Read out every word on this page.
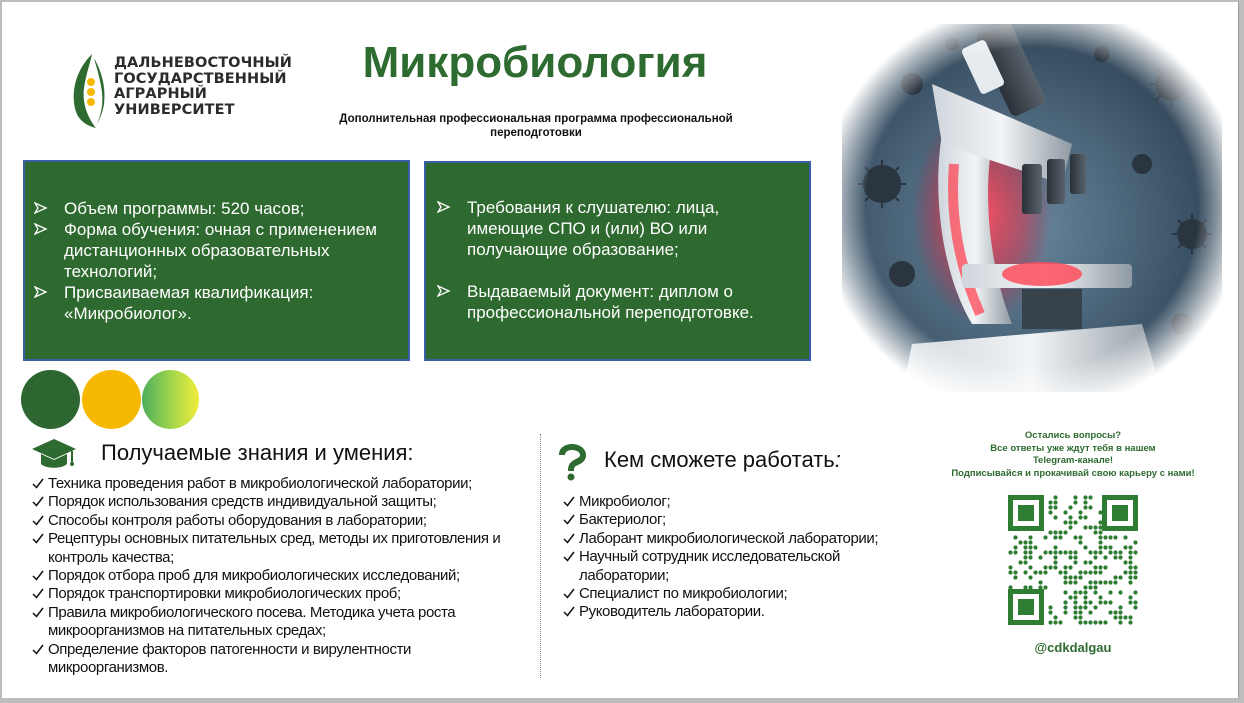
ДАЛЬНЕВОСТОЧНЫЙ
ГОСУДАРСТВЕННЫЙ
АГРАРНЫЙ
УНИВЕРСИТЕТ
Микробиология
Дополнительная профессиональная программа профессиональной
переподготовки
Объем программы: 520 часов;
Форма обучения: очная с применением дистанционных образовательных технологий;
Присваиваемая квалификация: «Микробиолог».
Требования к слушателю: лица, имеющие СПО и (или) ВО или получающие образование;
Выдаваемый документ: диплом о профессиональной переподготовке.
Получаемые знания и умения:
Техника проведения работ в микробиологической лаборатории;
Порядок использования средств индивидуальной защиты;
Способы контроля работы оборудования в лаборатории;
Рецептуры основных питательных сред, методы их приготовления и контроль качества;
Порядок отбора проб для микробиологических исследований;
Порядок транспортировки микробиологических проб;
Правила микробиологического посева. Методика учета роста микроорганизмов на питательных средах;
Определение факторов патогенности и вирулентности микроорганизмов.
Кем сможете работать:
Микробиолог;
Бактериолог;
Лаборант микробиологической лаборатории;
Научный сотрудник исследовательской лаборатории;
Специалист по микробиологии;
Руководитель лаборатории.
Остались вопросы?
Все ответы уже ждут тебя в нашем
Telegram-канале!
Подписывайся и прокачивай свою карьеру с нами!
@cdkdalgau
